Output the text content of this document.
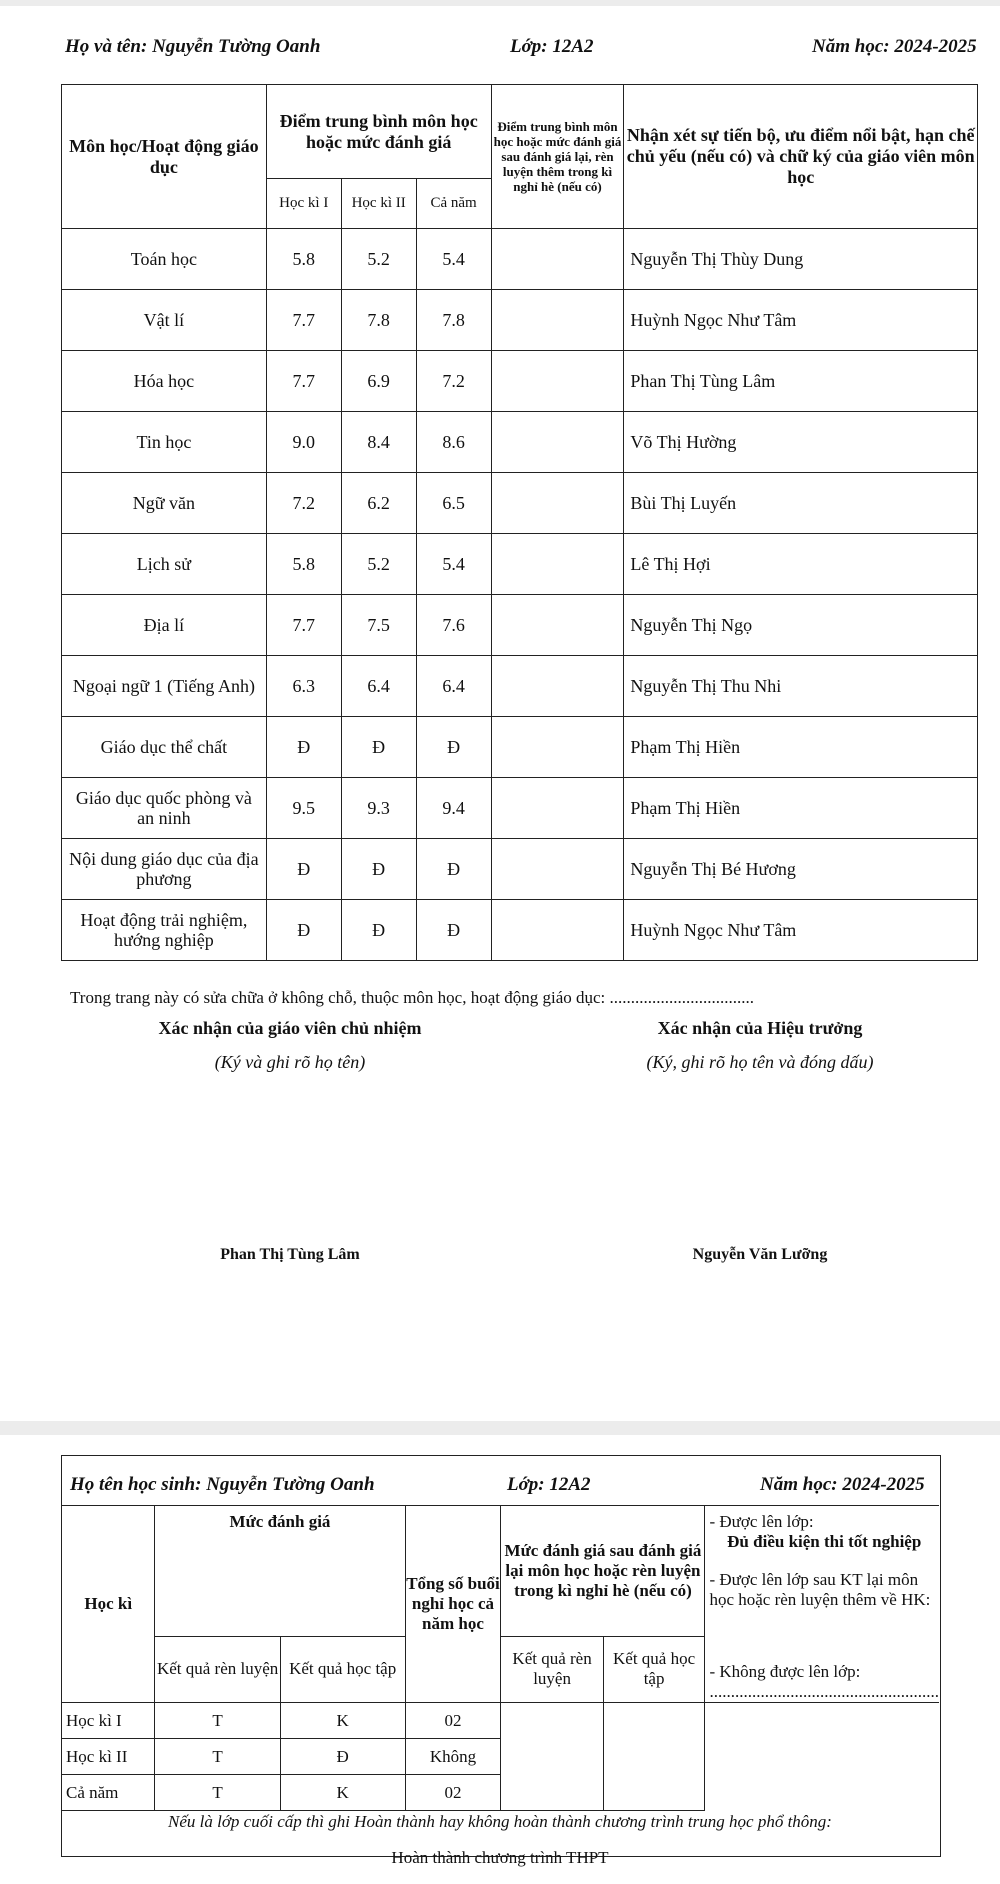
Họ và tên: Nguyễn Tường Oanh	Lớp: 12A2	Năm học: 2024-2025
Môn học/Hoạt động giáo dục	Điểm trung bình môn học hoặc mức đánh giá			Điểm trung bình môn học hoặc mức đánh giá sau đánh giá lại, rèn luyện thêm trong kì nghỉ hè (nếu có)	Nhận xét sự tiến bộ, ưu điểm nổi bật, hạn chế chủ yếu (nếu có) và chữ ký của giáo viên môn học
	Học kì I	Học kì II	Cả năm		
Toán học	5.8	5.2	5.4		Nguyễn Thị Thùy Dung
Vật lí	7.7	7.8	7.8		Huỳnh Ngọc Như Tâm
Hóa học	7.7	6.9	7.2		Phan Thị Tùng Lâm
Tin học	9.0	8.4	8.6		Võ Thị Hường
Ngữ văn	7.2	6.2	6.5		Bùi Thị Luyến
Lịch sử	5.8	5.2	5.4		Lê Thị Hợi
Địa lí	7.7	7.5	7.6		Nguyễn Thị Ngọ
Ngoại ngữ 1 (Tiếng Anh)	6.3	6.4	6.4		Nguyễn Thị Thu Nhi
Giáo dục thể chất	Đ	Đ	Đ		Phạm Thị Hiền
Giáo dục quốc phòng và an ninh	9.5	9.3	9.4		Phạm Thị Hiền
Nội dung giáo dục của địa phương	Đ	Đ	Đ		Nguyễn Thị Bé Hương
Hoạt động trải nghiệm, hướng nghiệp	Đ	Đ	Đ		Huỳnh Ngọc Như Tâm
Trong trang này có sửa chữa ở không chỗ, thuộc môn học, hoạt động giáo dục: ..................................
Xác nhận của giáo viên chủ nhiệm
(Ký và ghi rõ họ tên)
Phan Thị Tùng Lâm
Xác nhận của Hiệu trưởng
(Ký, ghi rõ họ tên và đóng dấu)
Nguyễn Văn Lưỡng
Họ tên học sinh: Nguyễn Tường Oanh	Lớp: 12A2	Năm học: 2024-2025
Học kì	Mức đánh giá		Tổng số buổi nghỉ học cả năm học	Mức đánh giá sau đánh giá lại môn học hoặc rèn luyện trong kì nghỉ hè (nếu có)		- Được lên lớp:
Đủ điều kiện thi tốt nghiệp
- Được lên lớp sau KT lại môn học hoặc rèn luyện thêm về HK:
- Không được lên lớp:
......................................................

	Kết quả rèn luyện	Kết quả học tập		Kết quả rèn luyện	Kết quả học tập	
Học kì I	T	K	02			
Học kì II	T	Đ	Không			
Cả năm	T	K	02			
Nếu là lớp cuối cấp thì ghi Hoàn thành hay không hoàn thành chương trình trung học phổ thông:
Hoàn thành chương trình THPT
